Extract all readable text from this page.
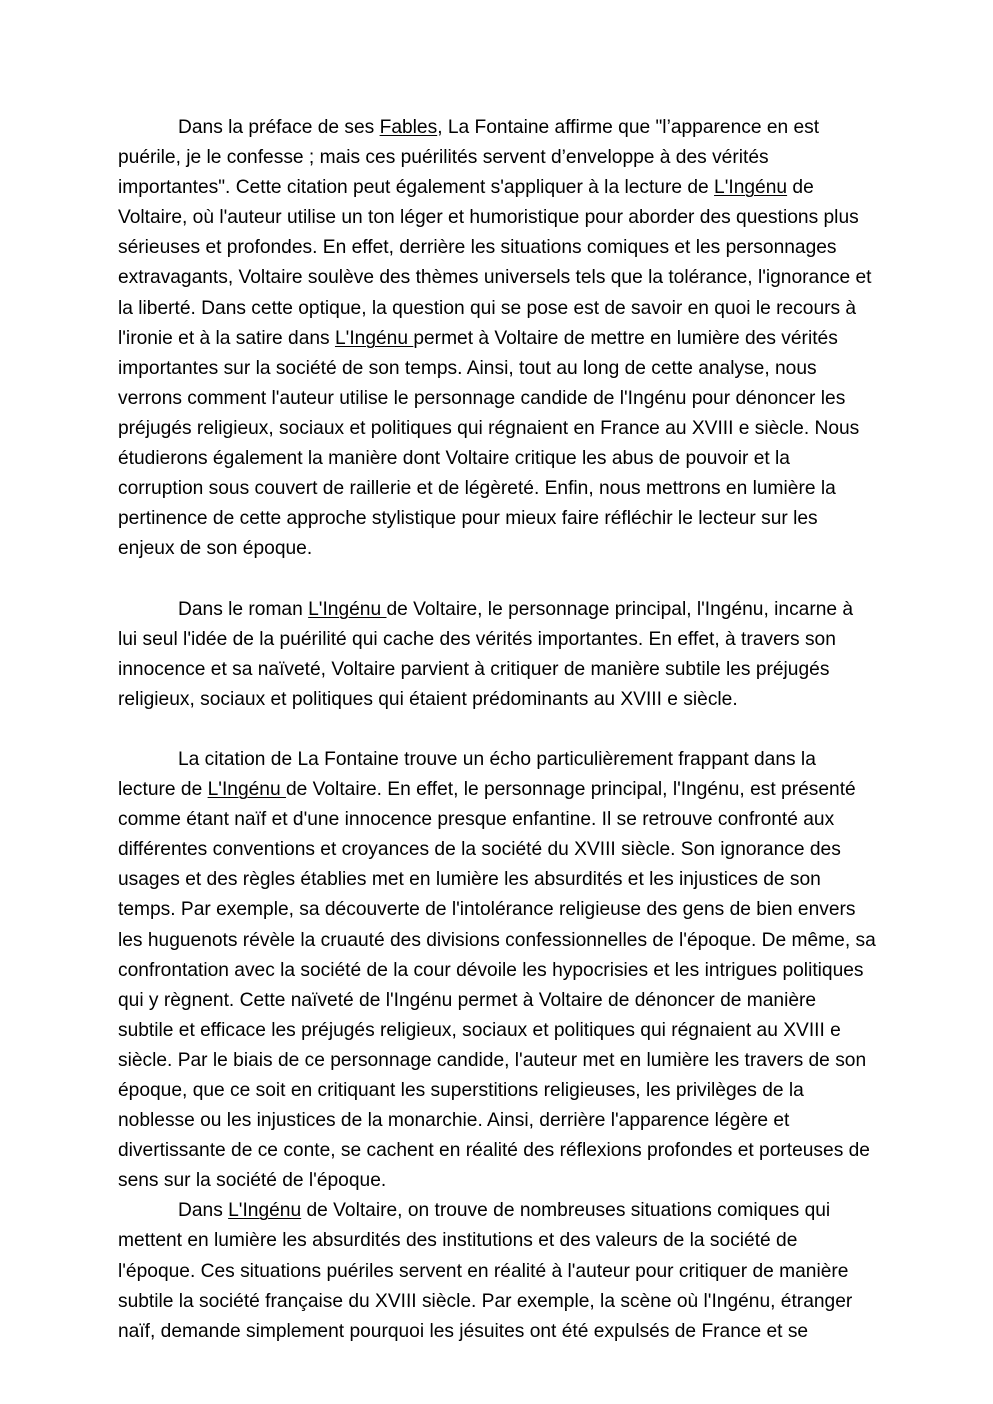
Dans la préface de ses Fables, La Fontaine affirme que "l’apparence en est puérile, je le confesse ; mais ces puérilités servent d’enveloppe à des vérités importantes". Cette citation peut également s'appliquer à la lecture de L'Ingénu de Voltaire, où l'auteur utilise un ton léger et humoristique pour aborder des questions plus sérieuses et profondes. En effet, derrière les situations comiques et les personnages extravagants, Voltaire soulève des thèmes universels tels que la tolérance, l'ignorance et la liberté. Dans cette optique, la question qui se pose est de savoir en quoi le recours à l'ironie et à la satire dans L'Ingénu permet à Voltaire de mettre en lumière des vérités importantes sur la société de son temps. Ainsi, tout au long de cette analyse, nous verrons comment l'auteur utilise le personnage candide de l'Ingénu pour dénoncer les préjugés religieux, sociaux et politiques qui régnaient en France au XVIII e siècle. Nous étudierons également la manière dont Voltaire critique les abus de pouvoir et la corruption sous couvert de raillerie et de légèreté. Enfin, nous mettrons en lumière la pertinence de cette approche stylistique pour mieux faire réfléchir le lecteur sur les enjeux de son époque.

Dans le roman L'Ingénu de Voltaire, le personnage principal, l'Ingénu, incarne à lui seul l'idée de la puérilité qui cache des vérités importantes. En effet, à travers son innocence et sa naïveté, Voltaire parvient à critiquer de manière subtile les préjugés religieux, sociaux et politiques qui étaient prédominants au XVIII e siècle.

La citation de La Fontaine trouve un écho particulièrement frappant dans la lecture de L'Ingénu de Voltaire. En effet, le personnage principal, l'Ingénu, est présenté comme étant naïf et d'une innocence presque enfantine. Il se retrouve confronté aux différentes conventions et croyances de la société du XVIII siècle. Son ignorance des usages et des règles établies met en lumière les absurdités et les injustices de son temps. Par exemple, sa découverte de l'intolérance religieuse des gens de bien envers les huguenots révèle la cruauté des divisions confessionnelles de l'époque. De même, sa confrontation avec la société de la cour dévoile les hypocrisies et les intrigues politiques qui y règnent. Cette naïveté de l'Ingénu permet à Voltaire de dénoncer de manière subtile et efficace les préjugés religieux, sociaux et politiques qui régnaient au XVIII e siècle. Par le biais de ce personnage candide, l'auteur met en lumière les travers de son époque, que ce soit en critiquant les superstitions religieuses, les privilèges de la noblesse ou les injustices de la monarchie. Ainsi, derrière l'apparence légère et divertissante de ce conte, se cachent en réalité des réflexions profondes et porteuses de sens sur la société de l'époque.

Dans L'Ingénu de Voltaire, on trouve de nombreuses situations comiques qui mettent en lumière les absurdités des institutions et des valeurs de la société de l'époque. Ces situations puériles servent en réalité à l'auteur pour critiquer de manière subtile la société française du XVIII siècle. Par exemple, la scène où l'Ingénu, étranger naïf, demande simplement pourquoi les jésuites ont été expulsés de France et se
